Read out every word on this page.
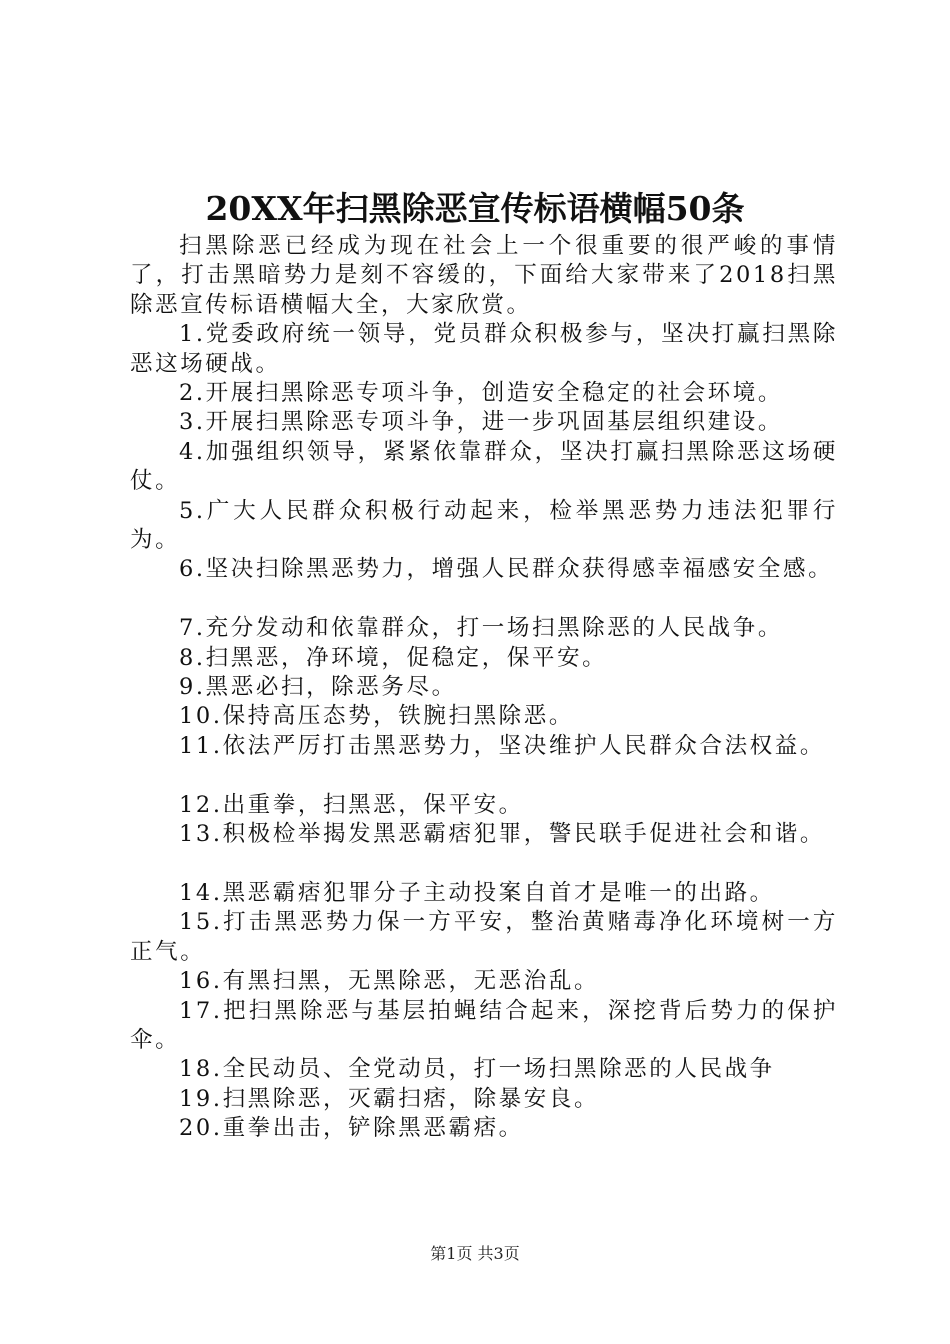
20XX年扫黑除恶宣传标语横幅50条

扫黑除恶已经成为现在社会上一个很重要的很严峻的事情了，打击黑暗势力是刻不容缓的，下面给大家带来了2018扫黑除恶宣传标语横幅大全，大家欣赏。

1.党委政府统一领导，党员群众积极参与，坚决打赢扫黑除恶这场硬战。

2.开展扫黑除恶专项斗争，创造安全稳定的社会环境。

3.开展扫黑除恶专项斗争，进一步巩固基层组织建设。

4.加强组织领导，紧紧依靠群众，坚决打赢扫黑除恶这场硬仗。

5.广大人民群众积极行动起来，检举黑恶势力违法犯罪行为。

6.坚决扫除黑恶势力，增强人民群众获得感幸福感安全感。

7.充分发动和依靠群众，打一场扫黑除恶的人民战争。

8.扫黑恶，净环境，促稳定，保平安。

9.黑恶必扫，除恶务尽。

10.保持高压态势，铁腕扫黑除恶。

11.依法严厉打击黑恶势力，坚决维护人民群众合法权益。

12.出重拳，扫黑恶，保平安。

13.积极检举揭发黑恶霸痞犯罪，警民联手促进社会和谐。

14.黑恶霸痞犯罪分子主动投案自首才是唯一的出路。

15.打击黑恶势力保一方平安，整治黄赌毒净化环境树一方正气。

16.有黑扫黑，无黑除恶，无恶治乱。

17.把扫黑除恶与基层拍蝇结合起来，深挖背后势力的保护伞。

18.全民动员、全党动员，打一场扫黑除恶的人民战争

19.扫黑除恶，灭霸扫痞，除暴安良。

20.重拳出击，铲除黑恶霸痞。

第1页 共3页
